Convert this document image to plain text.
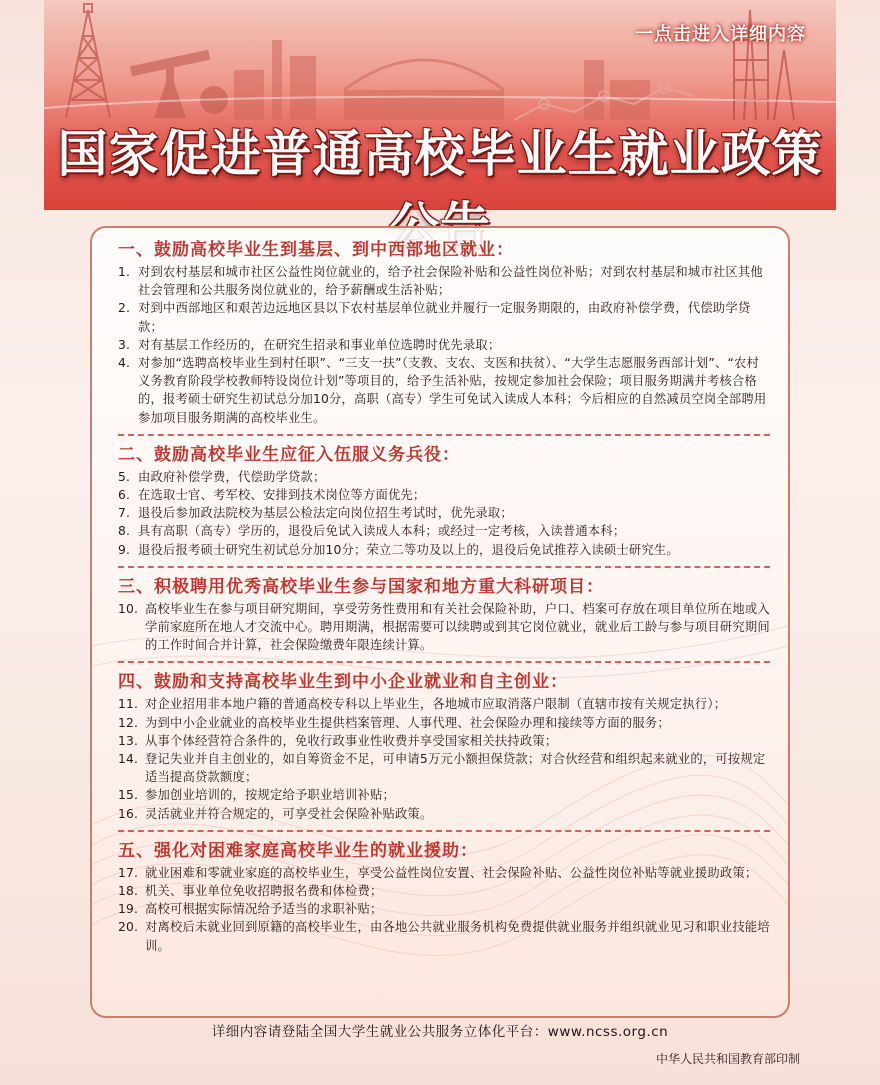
一点击进入详细内容
国家促进普通高校毕业生就业政策
一、鼓励高校毕业生到基层、到中西部地区就业：
1. 对到农村基层和城市社区公益性岗位就业的，给予社会保险补贴和公益性岗位补贴；对到农村基层和城市社区其他社会管理和公共服务岗位就业的，给予薪酬或生活补贴；
2. 对到中西部地区和艰苦边远地区县以下农村基层单位就业并履行一定服务期限的，由政府补偿学费，代偿助学贷款；
3. 对有基层工作经历的，在研究生招录和事业单位选聘时优先录取；
4. 对参加“选聘高校毕业生到村任职”、“三支一扶”（支教、支农、支医和扶贫）、“大学生志愿服务西部计划”、“农村义务教育阶段学校教师特设岗位计划”等项目的，给予生活补贴，按规定参加社会保险；项目服务期满并考核合格的，报考硕士研究生初试总分加10分，高职（高专）学生可免试入读成人本科；今后相应的自然减员空岗全部聘用参加项目服务期满的高校毕业生。
二、鼓励高校毕业生应征入伍服义务兵役：
5. 由政府补偿学费，代偿助学贷款；
6. 在选取士官、考军校、安排到技术岗位等方面优先；
7. 退役后参加政法院校为基层公检法定向岗位招生考试时，优先录取；
8. 具有高职（高专）学历的，退役后免试入读成人本科；或经过一定考核，入读普通本科；
9. 退役后报考硕士研究生初试总分加10分；荣立二等功及以上的，退役后免试推荐入读硕士研究生。
三、积极聘用优秀高校毕业生参与国家和地方重大科研项目：
10. 高校毕业生在参与项目研究期间，享受劳务性费用和有关社会保险补助，户口、档案可存放在项目单位所在地或入学前家庭所在地人才交流中心。聘用期满，根据需要可以续聘或到其它岗位就业，就业后工龄与参与项目研究期间的工作时间合并计算，社会保险缴费年限连续计算。
四、鼓励和支持高校毕业生到中小企业就业和自主创业：
11. 对企业招用非本地户籍的普通高校专科以上毕业生，各地城市应取消落户限制（直辖市按有关规定执行）；
12. 为到中小企业就业的高校毕业生提供档案管理、人事代理、社会保险办理和接续等方面的服务；
13. 从事个体经营符合条件的，免收行政事业性收费并享受国家相关扶持政策；
14. 登记失业并自主创业的，如自筹资金不足，可申请5万元小额担保贷款；对合伙经营和组织起来就业的，可按规定适当提高贷款额度；
15. 参加创业培训的，按规定给予职业培训补贴；
16. 灵活就业并符合规定的，可享受社会保险补贴政策。
五、强化对困难家庭高校毕业生的就业援助：
17. 就业困难和零就业家庭的高校毕业生，享受公益性岗位安置、社会保险补贴、公益性岗位补贴等就业援助政策；
18. 机关、事业单位免收招聘报名费和体检费；
19. 高校可根据实际情况给予适当的求职补贴；
20. 对离校后未就业回到原籍的高校毕业生，由各地公共就业服务机构免费提供就业服务并组织就业见习和职业技能培训。
详细内容请登陆全国大学生就业公共服务立体化平台：www.ncss.org.cn
中华人民共和国教育部印制
